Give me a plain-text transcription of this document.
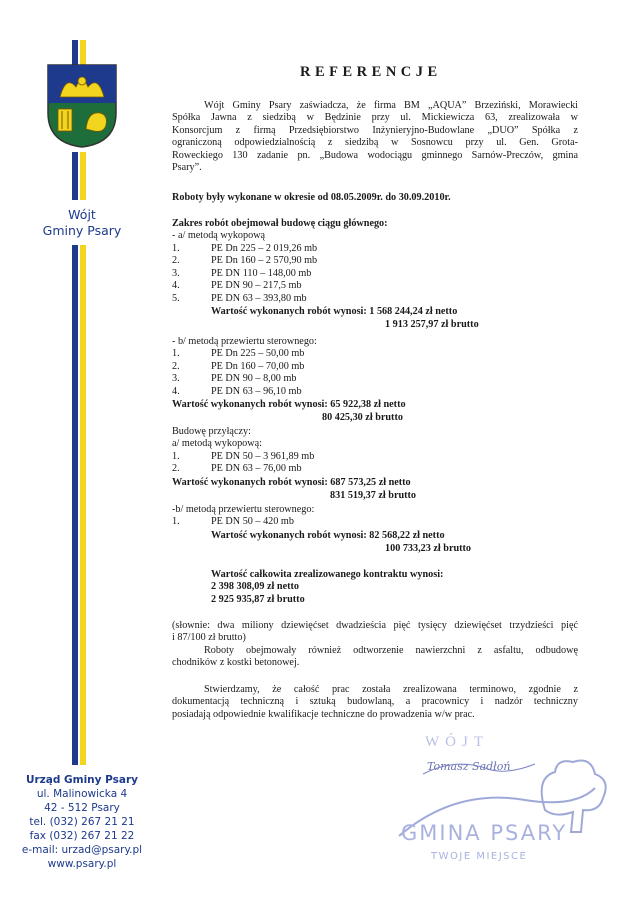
Wójt
Gminy Psary
Urząd Gminy Psary
ul. Malinowicka 4
42 - 512 Psary
tel. (032) 267 21 21
fax (032) 267 21 22
e-mail: urzad@psary.pl
www.psary.pl
REFERENCJE
Wójt Gminy Psary zaświadcza, że firma BM „AQUA” Brzeziński, Morawiecki
Spółka Jawna z siedzibą w Będzinie przy ul. Mickiewicza 63, zrealizowała w
Konsorcjum z firmą Przedsiębiorstwo Inżynieryjno-Budowlane „DUO” Spółka z
ograniczoną odpowiedzialnością z siedzibą w Sosnowcu przy ul. Gen. Grota-
Roweckiego 130 zadanie pn. „Budowa wodociągu gminnego Sarnów-Preczów, gmina
Psary”.
Roboty były wykonane w okresie od 08.05.2009r. do 30.09.2010r.
Zakres robót obejmował budowę ciągu głównego:
- a/ metodą wykopową
1.	PE Dn 225 – 2 019,26 mb
2.	PE Dn 160 – 2 570,90 mb
3.	PE DN 110 – 148,00 mb
4.	PE DN 90 – 217,5 mb
5.	PE DN 63 – 393,80 mb
Wartość wykonanych robót wynosi: 1 568 244,24 zł netto
1 913 257,97 zł brutto
- b/ metodą przewiertu sterownego:
1.	PE Dn 225 – 50,00 mb
2.	PE Dn 160 – 70,00 mb
3.	PE DN 90 – 8,00 mb
4.	PE DN 63 – 96,10 mb
Wartość wykonanych robót wynosi: 65 922,38 zł netto
80 425,30 zł brutto
Budowę przyłączy:
a/ metodą wykopową:
1.	PE DN 50 – 3 961,89 mb
2.	PE DN 63 – 76,00 mb
Wartość wykonanych robót wynosi: 687 573,25 zł netto
831 519,37 zł brutto
-b/ metodą przewiertu sterownego:
1.	PE DN 50 – 420 mb
Wartość wykonanych robót wynosi: 82 568,22 zł netto
100 733,23 zł brutto
Wartość całkowita zrealizowanego kontraktu wynosi:
2 398 308,09 zł netto
2 925 935,87 zł brutto
(słownie: dwa miliony dziewięćset dwadzieścia pięć tysięcy dziewięćset trzydzieści pięć
i 87/100 zł brutto)
Roboty obejmowały również odtworzenie nawierzchni z asfaltu, odbudowę
chodników z kostki betonowej.
Stwierdzamy, że całość prac została zrealizowana terminowo, zgodnie z
dokumentacją techniczną i sztuką budowlaną, a pracownicy i nadzór techniczny
posiadają odpowiednie kwalifikacje techniczne do prowadzenia w/w prac.
WÓJT
Tomasz Sadłoń
GMINA PSARY
TWOJE MIEJSCE
